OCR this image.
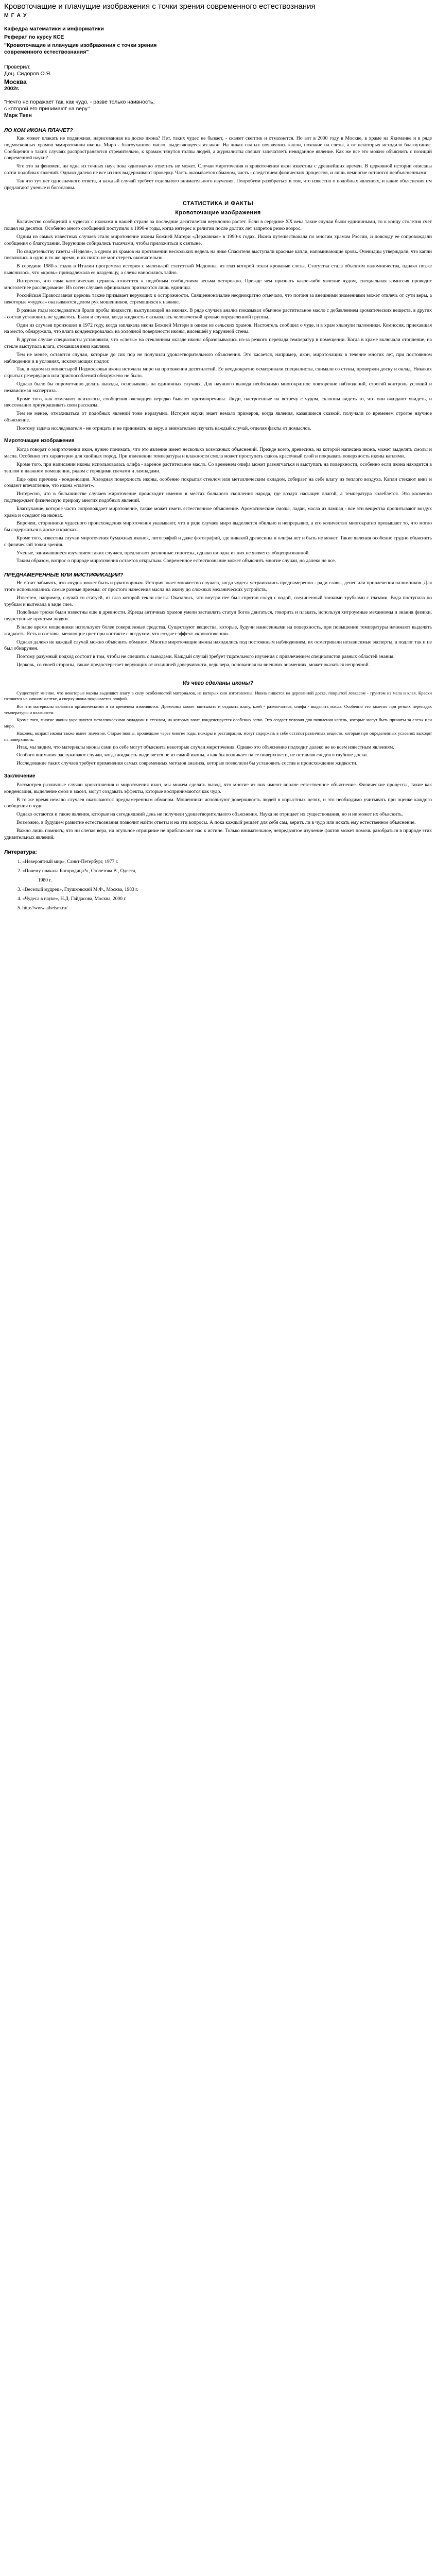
Кровоточащие и плачущие изображения с точки зрения современного естествознания
М Г А У
Кафедра математики и информатики
Реферат по курсу КСЕ
"Кровоточащие и плачущие изображения с точки зрения современного естествознания"
Проверил:
Доц. Сидоров О.Я.
Москва
2002г.
"Нечто не поражает так, как чудо, - разве только наивность,
с которой его принимают на веру."
Марк Твен
ЛО КОМ ИКОНА ПЛАЧЕТ?

Как может плакать не подвижная, нарисованная на доске икона? Нет, таких чудес не бывает, - скажет скептик и отмахнется. Но вот в 2000 году в Москве, в храме на Якиманке и в ряде подмосковных храмов замироточили иконы. Миро - благоуханное масло, выделяющееся из икон. На ликах святых появлялись капли, похожие на слезы, а от некоторых исходило благоухание. Сообщения о таких случаях распространяются стремительно, к храмам тянутся толпы людей, а журналисты спешат запечатлеть невиданное явление. Как же все это можно объяснить с позиций современной науки?

Что это за феномен, ни одна из точных наук пока однозначно ответить не может. Случаи мироточения и кровоточения икон известны с древнейших времен. В церковной истории описаны сотни подобных явлений. Однако далеко не все из них выдерживают проверку. Часть оказывается обманом, часть - следствием физических процессов, и лишь немногие остаются необъясненными.

Так что тут нет однозначного ответа, и каждый случай требует отдельного внимательного изучения. Попробуем разобраться в том, что известно о подобных явлениях, и какие объяснения им предлагают ученые и богословы.

СТАТИСТИКА И ФАКТЫ
Кровоточащие изображения

Количество сообщений о чудесах с иконами в нашей стране за последние десятилетия неуклонно растет. Если в середине XX века такие случаи были единичными, то к концу столетия счет пошел на десятки. Особенно много сообщений поступило в 1990-е годы, когда интерес к религии после долгих лет запретов резко возрос.

Одним из самых известных случаев стало мироточение иконы Божией Матери «Державная» в 1990-х годах. Икона путешествовала по многим храмам России, и повсюду ее сопровождали сообщения о благоухании. Верующие собирались тысячами, чтобы приложиться к святыне.

По свидетельству газеты «Неделя», в одном из храмов на протяжении нескольких недель на лике Спасителя выступали красные капли, напоминающие кровь. Очевидцы утверждали, что капли появлялись в одно и то же время, и их никто не мог стереть окончательно.

В середине 1980-х годов в Италии прогремела история с маленькой статуэткой Мадонны, из глаз которой текли кровавые слезы. Статуэтка стала объектом паломничества, однако позже выяснилось, что «кровь» принадлежала ее владельцу, а слезы наносились тайно.

Интересно, что сама католическая церковь относится к подобным сообщениям весьма осторожно. Прежде чем признать какое-либо явление чудом, специальная комиссия проводит многолетнее расследование. Из сотен случаев официально признаются лишь единицы.

Российская Православная церковь также призывает верующих к осторожности. Священноначалие неоднократно отмечало, что погоня за внешними знамениями может отвлечь от сути веры, а некоторые «чудеса» оказываются делом рук мошенников, стремящихся к наживе.

В разные годы исследователи брали пробы жидкости, выступающей на иконах. В ряде случаев анализ показывал обычное растительное масло с добавлением ароматических веществ, в других - состав установить не удавалось. Были и случаи, когда жидкость оказывалась человеческой кровью определенной группы.

Один из случаев произошел в 1972 году, когда заплакала икона Божией Матери в одном из сельских храмов. Настоятель сообщил о чуде, и в храм хлынули паломники. Комиссия, приехавшая на место, обнаружила, что влага конденсировалась на холодной поверхности иконы, висевшей у наружной стены.

В другом случае специалисты установили, что «слезы» на стеклянном окладе иконы образовывались из-за резкого перепада температур в помещении. Когда в храме включали отопление, на стекле выступала влага, стекавшая вниз каплями.

Тем не менее, остаются случаи, которые до сих пор не получили удовлетворительного объяснения. Это касается, например, икон, мироточащих в течение многих лет, при постоянном наблюдении и в условиях, исключающих подлог.

Так, в одном из монастырей Подмосковья икона источала миро на протяжении десятилетий. Ее неоднократно осматривали специалисты, снимали со стены, проверяли доску и оклад. Никаких скрытых резервуаров или приспособлений обнаружено не было.

Однако было бы опрометчиво делать выводы, основываясь на единичных случаях. Для научного вывода необходимо многократное повторение наблюдений, строгий контроль условий и независимая экспертиза.

Кроме того, как отмечают психологи, сообщения очевидцев нередко бывают противоречивы. Люди, настроенные на встречу с чудом, склонны видеть то, что они ожидают увидеть, и неосознанно приукрашивать свои рассказы.

Тем не менее, отмахиваться от подобных явлений тоже неразумно. История науки знает немало примеров, когда явления, казавшиеся сказкой, получали со временем строгое научное объяснение.

Поэтому задача исследователя - не отрицать и не принимать на веру, а внимательно изучать каждый случай, отделяя факты от домыслов.

Мироточащие изображения

Когда говорят о мироточении икон, нужно понимать, что это явление имеет несколько возможных объяснений. Прежде всего, древесина, на которой написана икона, может выделять смолы и масла. Особенно это характерно для хвойных пород. При изменении температуры и влажности смола может проступать сквозь красочный слой и покрывать поверхность иконы каплями.

Кроме того, при написании иконы использовалась олифа - вареное растительное масло. Со временем олифа может размягчаться и выступать на поверхности, особенно если икона находится в теплом и влажном помещении, рядом с горящими свечами и лампадами.

Еще одна причина - конденсация. Холодная поверхность иконы, особенно покрытая стеклом или металлическим окладом, собирает на себе влагу из теплого воздуха. Капли стекают вниз и создают впечатление, что икона «плачет».

Интересно, что в большинстве случаев мироточение происходит именно в местах большого скопления народа, где воздух насыщен влагой, а температура колеблется. Это косвенно подтверждает физическую природу многих подобных явлений.

Благоухание, которое часто сопровождает мироточение, также может иметь естественное объяснение. Ароматические смолы, ладан, масла из лампад - все эти вещества пропитывают воздух храма и оседают на иконах.

Впрочем, сторонники чудесного происхождения мироточения указывают, что в ряде случаев миро выделяется обильно и непрерывно, а его количество многократно превышает то, что могло бы содержаться в доске и красках.

Кроме того, известны случаи мироточения бумажных иконок, литографий и даже фотографий, где никакой древесины и олифы нет и быть не может. Такие явления особенно трудно объяснить с физической точки зрения.

Ученые, занимавшиеся изучением таких случаев, предлагают различные гипотезы, однако ни одна из них не является общепризнанной.

Таким образом, вопрос о природе мироточения остается открытым. Современное естествознание может объяснить многие случаи, но далеко не все.

ПРЕДНАМЕРЕННЫЕ ИЛИ МИСТИФИКАЦИИ?

Не стоит забывать, что «чудо» может быть и рукотворным. История знает множество случаев, когда чудеса устраивались преднамеренно - ради славы, денег или привлечения паломников. Для этого использовались самые разные приемы: от простого нанесения масла на икону до сложных механических устройств.

Известен, например, случай со статуей, из глаз которой текли слезы. Оказалось, что внутри нее был спрятан сосуд с водой, соединенный тонкими трубками с глазами. Вода поступала по трубкам и вытекала в виде слез.

Подобные трюки были известны еще в древности. Жрецы античных храмов умели заставлять статуи богов двигаться, говорить и плакать, используя хитроумные механизмы и знания физики, недоступные простым людям.

В наше время мошенники используют более совершенные средства. Существуют вещества, которые, будучи нанесенными на поверхность, при повышении температуры начинают выделять жидкость. Есть и составы, меняющие цвет при контакте с воздухом, что создает эффект «кровоточения».

Однако далеко не каждый случай можно объяснить обманом. Многие мироточащие иконы находились под постоянным наблюдением, их осматривали независимые эксперты, а подлог так и не был обнаружен.

Поэтому разумный подход состоит в том, чтобы не спешить с выводами. Каждый случай требует тщательного изучения с привлечением специалистов разных областей знания.

Церковь, со своей стороны, также предостерегает верующих от излишней доверчивости, ведь вера, основанная на внешних знамениях, может оказаться непрочной.

Из чего сделаны иконы?

Существует мнение, что некоторые иконы выделяют влагу в силу особенностей материалов, из которых они изготовлены. Икона пишется на деревянной доске, покрытой левкасом - грунтом из мела и клея. Краски готовятся на яичном желтке, а сверху икона покрывается олифой.

Все эти материалы являются органическими и со временем изменяются. Древесина может впитывать и отдавать влагу, клей - размягчаться, олифа - выделять масла. Особенно это заметно при резких перепадах температуры и влажности.

Кроме того, многие иконы украшаются металлическими окладами и стеклом, на которых влага конденсируется особенно легко. Это создает условия для появления капель, которые могут быть приняты за слезы или миро.

Наконец, возраст иконы также имеет значение. Старые иконы, прошедшие через многие годы, пожары и реставрации, могут содержать в себе остатки различных веществ, которые при определенных условиях выходят на поверхность.

Итак, мы видим, что материалы иконы сами по себе могут объяснить некоторые случаи мироточения. Однако это объяснение подходит далеко не ко всем известным явлениям.

Особого внимания заслуживают случаи, когда жидкость выделяется не из самой иконы, а как бы возникает на ее поверхности, не оставляя следов в глубине доски.

Исследование таких случаев требует применения самых современных методов анализа, которые позволили бы установить состав и происхождение жидкости.

Заключение

Рассмотрев различные случаи кровоточения и мироточения икон, мы можем сделать вывод, что многие из них имеют вполне естественное объяснение. Физические процессы, такие как конденсация, выделение смол и масел, могут создавать эффекты, которые воспринимаются как чудо.

В то же время немало случаев оказываются преднамеренным обманом. Мошенники используют доверчивость людей в корыстных целях, и это необходимо учитывать при оценке каждого сообщения о чуде.

Однако остаются и такие явления, которые на сегодняшний день не получили удовлетворительного объяснения. Наука не отрицает их существования, но и не может их объяснить.

Возможно, в будущем развитие естествознания позволит найти ответы и на эти вопросы. А пока каждый решает для себя сам, верить ли в чудо или искать ему естественное объяснение.

Важно лишь помнить, что ни слепая вера, ни огульное отрицание не приближают нас к истине. Только внимательное, непредвзятое изучение фактов может помочь разобраться в природе этих удивительных явлений.

Литература:
1. «Невероятный мир», Санкт-Петербург, 1977 г.
2. «Почему плакала Богородица?», Столетова В., Одесса,
1980 г.
3. «Веселый мудрец», Глушковский М.Ф., Москва, 1983 г.
4. «Чудеса в науке», Н.Д. Гайдасова, Москва, 2000 г.
5. http://www.atheism.ru/
